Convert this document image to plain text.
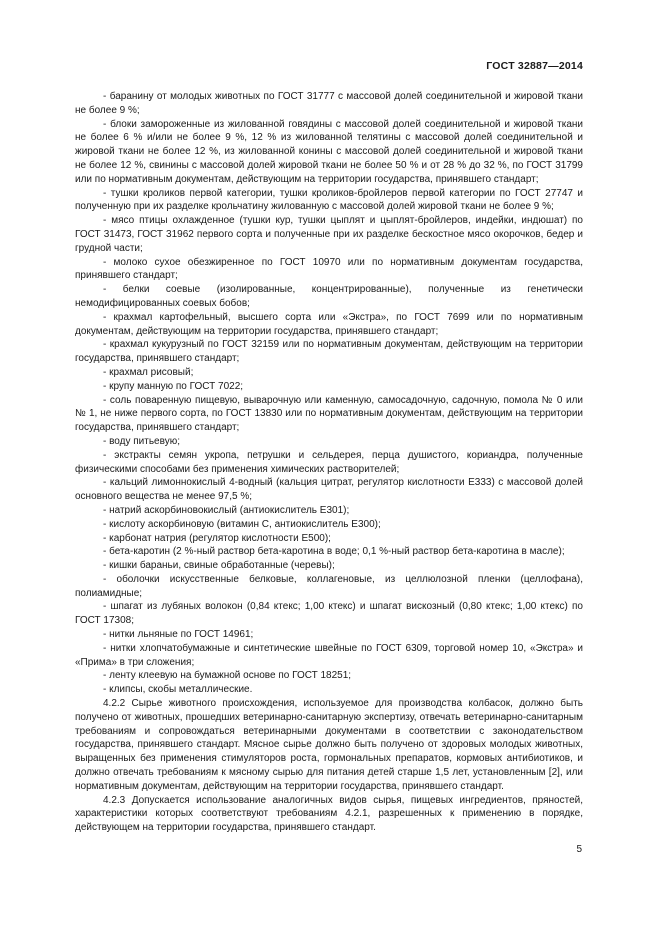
ГОСТ 32887—2014

- баранину от молодых животных по ГОСТ 31777 с массовой долей соединительной и жировой ткани не более 9 %;

- блоки замороженные из жилованной говядины с массовой долей соединительной и жировой ткани не более 6 % и/или не более 9 %, 12 % из жилованной телятины с массовой долей соединительной и жировой ткани не более 12 %, из жилованной конины с массовой долей соединительной и жировой ткани не более 12 %, свинины с массовой долей жировой ткани не более 50 % и от 28 % до 32 %, по ГОСТ 31799 или по нормативным документам, действующим на территории государства, принявшего стандарт;

- тушки кроликов первой категории, тушки кроликов-бройлеров первой категории по ГОСТ 27747 и полученную при их разделке крольчатину жилованную с массовой долей жировой ткани не более 9 %;

- мясо птицы охлажденное (тушки кур, тушки цыплят и цыплят-бройлеров, индейки, индюшат) по ГОСТ 31473, ГОСТ 31962 первого сорта и полученные при их разделке бескостное мясо окорочков, бедер и грудной части;

- молоко сухое обезжиренное по ГОСТ 10970 или по нормативным документам государства, принявшего стандарт;

- белки соевые (изолированные, концентрированные), полученные из генетически немодифицированных соевых бобов;

- крахмал картофельный, высшего сорта или «Экстра», по ГОСТ 7699 или по нормативным документам, действующим на территории государства, принявшего стандарт;

- крахмал кукурузный по ГОСТ 32159 или по нормативным документам, действующим на территории государства, принявшего стандарт;

- крахмал рисовый;

- крупу манную по ГОСТ 7022;

- соль поваренную пищевую, выварочную или каменную, самосадочную, садочную, помола № 0 или № 1, не ниже первого сорта, по ГОСТ 13830 или по нормативным документам, действующим на территории государства, принявшего стандарт;

- воду питьевую;

- экстракты семян укропа, петрушки и сельдерея, перца душистого, кориандра, полученные физическими способами без применения химических растворителей;

- кальций лимоннокислый 4-водный (кальция цитрат, регулятор кислотности E333) с массовой долей основного вещества не менее 97,5 %;

- натрий аскорбиновокислый (антиокислитель E301);

- кислоту аскорбиновую (витамин С, антиокислитель E300);

- карбонат натрия (регулятор кислотности E500);

- бета-каротин (2 %-ный раствор бета-каротина в воде; 0,1 %-ный раствор бета-каротина в масле);

- кишки бараньи, свиные обработанные (черевы);

- оболочки искусственные белковые, коллагеновые, из целлюлозной пленки (целлофана), полиамидные;

- шпагат из лубяных волокон (0,84 ктекс; 1,00 ктекс) и шпагат вискозный (0,80 ктекс; 1,00 ктекс) по ГОСТ 17308;

- нитки льняные по ГОСТ 14961;

- нитки хлопчатобумажные и синтетические швейные по ГОСТ 6309, торговой номер 10, «Экстра» и «Прима» в три сложения;

- ленту клеевую на бумажной основе по ГОСТ 18251;

- клипсы, скобы металлические.

4.2.2 Сырье животного происхождения, используемое для производства колбасок, должно быть получено от животных, прошедших ветеринарно-санитарную экспертизу, отвечать ветеринарно-санитарным требованиям и сопровождаться ветеринарными документами в соответствии с законодательством государства, принявшего стандарт. Мясное сырье должно быть получено от здоровых молодых животных, выращенных без применения стимуляторов роста, гормональных препаратов, кормовых антибиотиков, и должно отвечать требованиям к мясному сырью для питания детей старше 1,5 лет, установленным [2], или нормативным документам, действующим на территории государства, принявшего стандарт.

4.2.3 Допускается использование аналогичных видов сырья, пищевых ингредиентов, пряностей, характеристики которых соответствуют требованиям 4.2.1, разрешенных к применению в порядке, действующем на территории государства, принявшего стандарт.

5
